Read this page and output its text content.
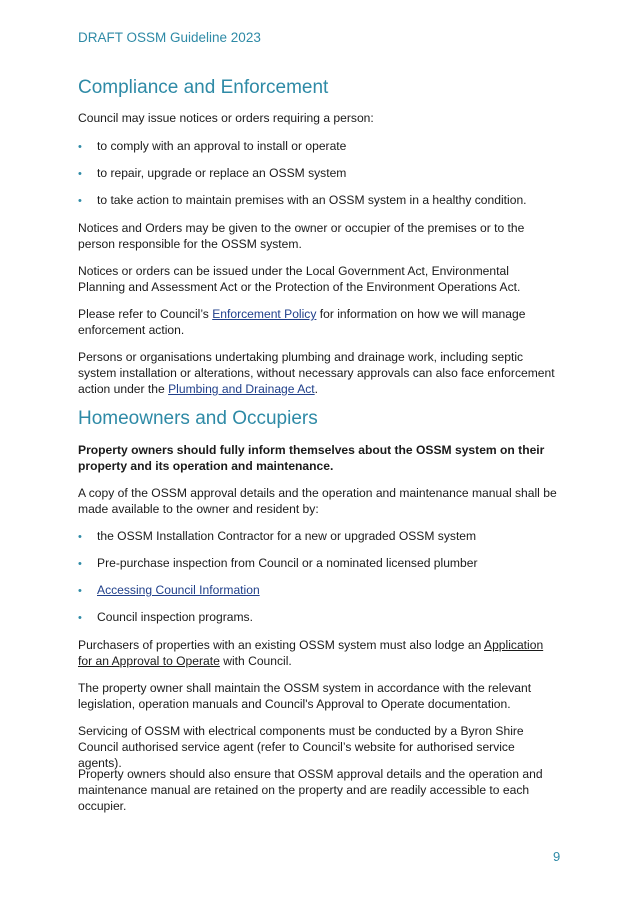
DRAFT OSSM Guideline 2023
Compliance and Enforcement

Council may issue notices or orders requiring a person:

• to comply with an approval to install or operate

• to repair, upgrade or replace an OSSM system

• to take action to maintain premises with an OSSM system in a healthy condition.

Notices and Orders may be given to the owner or occupier of the premises or to the person responsible for the OSSM system.

Notices or orders can be issued under the Local Government Act, Environmental Planning and Assessment Act or the Protection of the Environment Operations Act.

Please refer to Council’s Enforcement Policy for information on how we will manage enforcement action.

Persons or organisations undertaking plumbing and drainage work, including septic system installation or alterations, without necessary approvals can also face enforcement action under the Plumbing and Drainage Act.

Homeowners and Occupiers

Property owners should fully inform themselves about the OSSM system on their property and its operation and maintenance.

A copy of the OSSM approval details and the operation and maintenance manual shall be made available to the owner and resident by:

• the OSSM Installation Contractor for a new or upgraded OSSM system

• Pre-purchase inspection from Council or a nominated licensed plumber

• Accessing Council Information

• Council inspection programs.

Purchasers of properties with an existing OSSM system must also lodge an Application for an Approval to Operate with Council.

The property owner shall maintain the OSSM system in accordance with the relevant legislation, operation manuals and Council's Approval to Operate documentation.

Servicing of OSSM with electrical components must be conducted by a Byron Shire Council authorised service agent (refer to Council’s website for authorised service agents).

Property owners should also ensure that OSSM approval details and the operation and maintenance manual are retained on the property and are readily accessible to each occupier.

9
